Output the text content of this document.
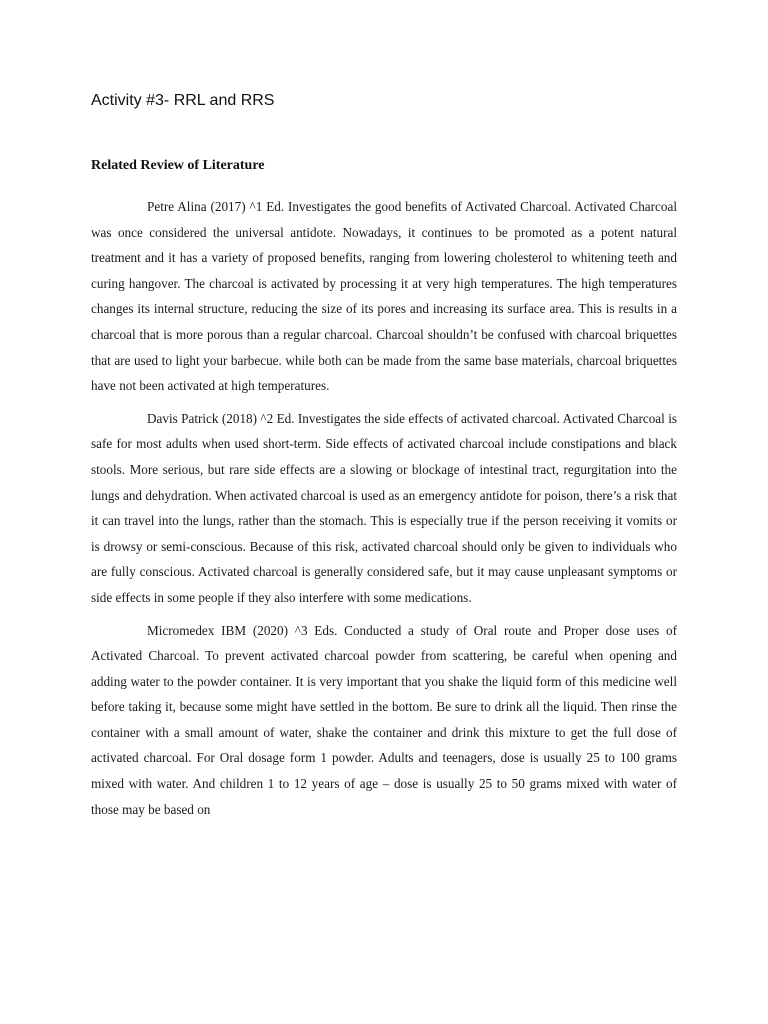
Activity #3- RRL and RRS
Related Review of Literature

Petre Alina (2017) ^1 Ed. Investigates the good benefits of Activated Charcoal. Activated Charcoal was once considered the universal antidote. Nowadays, it continues to be promoted as a potent natural treatment and it has a variety of proposed benefits, ranging from lowering cholesterol to whitening teeth and curing hangover. The charcoal is activated by processing it at very high temperatures. The high temperatures changes its internal structure, reducing the size of its pores and increasing its surface area. This is results in a charcoal that is more porous than a regular charcoal. Charcoal shouldn’t be confused with charcoal briquettes that are used to light your barbecue. while both can be made from the same base materials, charcoal briquettes have not been activated at high temperatures.

Davis Patrick (2018) ^2 Ed. Investigates the side effects of activated charcoal. Activated Charcoal is safe for most adults when used short-term. Side effects of activated charcoal include constipations and black stools. More serious, but rare side effects are a slowing or blockage of intestinal tract, regurgitation into the lungs and dehydration. When activated charcoal is used as an emergency antidote for poison, there’s a risk that it can travel into the lungs, rather than the stomach. This is especially true if the person receiving it vomits or is drowsy or semi-conscious. Because of this risk, activated charcoal should only be given to individuals who are fully conscious. Activated charcoal is generally considered safe, but it may cause unpleasant symptoms or side effects in some people if they also interfere with some medications.

Micromedex IBM (2020) ^3 Eds. Conducted a study of Oral route and Proper dose uses of Activated Charcoal. To prevent activated charcoal powder from scattering, be careful when opening and adding water to the powder container. It is very important that you shake the liquid form of this medicine well before taking it, because some might have settled in the bottom. Be sure to drink all the liquid. Then rinse the container with a small amount of water, shake the container and drink this mixture to get the full dose of activated charcoal. For Oral dosage form 1 powder. Adults and teenagers, dose is usually 25 to 100 grams mixed with water. And children 1 to 12 years of age – dose is usually 25 to 50 grams mixed with water of those may be based on
